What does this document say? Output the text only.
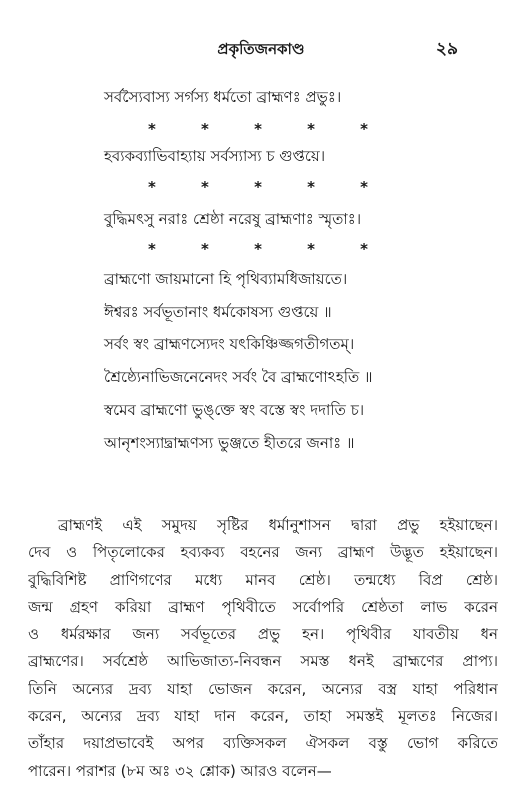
প্রকৃতিজনকাণ্ড	২৯
সর্বস্যৈবাস্য সর্গস্য ধর্মতো ব্রাহ্মণঃ প্রভুঃ।
*	*	*	*	*
হব্যকব্যাভিবাহ্যায় সর্বস্যাস্য চ গুপ্তয়ে।
*	*	*	*	*
বুদ্ধিমৎসু নরাঃ শ্রেষ্ঠা নরেষু ব্রাহ্মণাঃ স্মৃতাঃ।
*	*	*	*	*
ব্রাহ্মণো জায়মানো হি পৃথিব্যামধিজায়তে।
ঈশ্বরঃ সর্বভূতানাং ধর্মকোষস্য গুপ্তয়ে ॥
সর্বং স্বং ব্রাহ্মণস্যেদং যৎকিঞ্চিজ্জগতীগতম্।
শ্রৈষ্ঠ্যেনাভিজনেনেদং সর্বং বৈ ব্রাহ্মণোঽহতি ॥
স্বমেব ব্রাহ্মণো ভুঙ্‌ক্তে স্বং বস্তে স্বং দদাতি চ।
আনৃশংস্যাদ্ব্রাহ্মণস্য ভুঞ্জতে হীতরে জনাঃ ॥
ব্রাহ্মণই এই সমুদয় সৃষ্টির ধর্মানুশাসন দ্বারা প্রভু হইয়াছেন।
দেব ও পিতৃলোকের হব্যকব্য বহনের জন্য ব্রাহ্মণ উদ্ভূত হইয়াছেন।
বুদ্ধিবিশিষ্ট প্রাণিগণের মধ্যে মানব শ্রেষ্ঠ। তন্মধ্যে বিপ্র শ্রেষ্ঠ।
জন্ম গ্রহণ করিয়া ব্রাহ্মণ পৃথিবীতে সর্বোপরি শ্রেষ্ঠতা লাভ করেন
ও ধর্মরক্ষার জন্য সর্বভূতের প্রভু হন। পৃথিবীর যাবতীয় ধন
ব্রাহ্মণের। সর্বশ্রেষ্ঠ আভিজাত্য-নিবন্ধন সমস্ত ধনই ব্রাহ্মণের প্রাপ্য।
তিনি অন্যের দ্রব্য যাহা ভোজন করেন, অন্যের বস্ত্র যাহা পরিধান
করেন, অন্যের দ্রব্য যাহা দান করেন, তাহা সমস্তই মূলতঃ নিজের।
তাঁহার দয়াপ্রভাবেই অপর ব্যক্তিসকল ঐসকল বস্তু ভোগ করিতে
পারেন। পরাশর (৮ম অঃ ৩২ শ্লোক) আরও বলেন—
